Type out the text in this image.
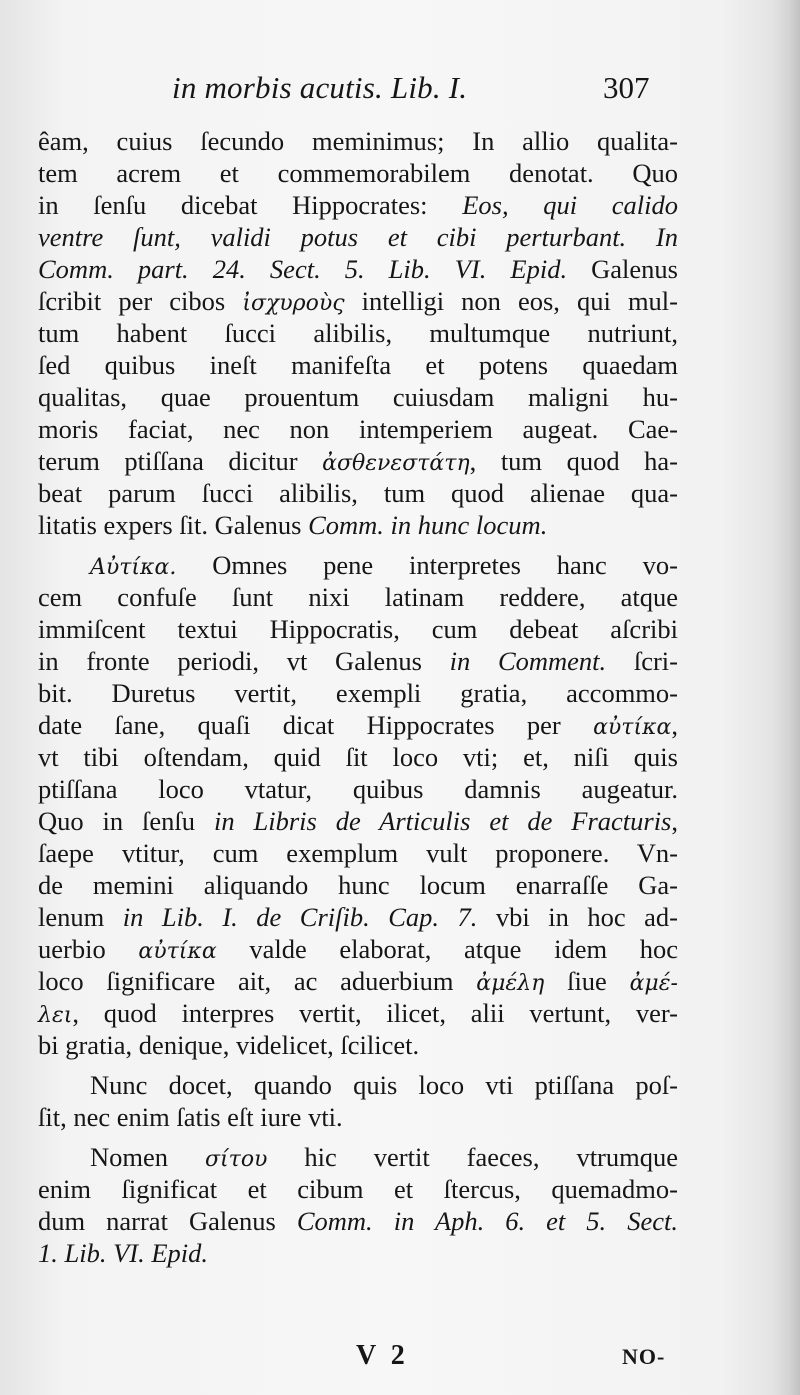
in morbis acutis. Lib. I.	307
êam, cuius ſecundo meminimus; In allio qualita-
tem acrem et commemorabilem denotat. Quo
in ſenſu dicebat Hippocrates: Eos, qui calido
ventre ſunt, validi potus et cibi perturbant. In
Comm. part. 24. Sect. 5. Lib. VI. Epid. Galenus
ſcribit per cibos ἰσχυροὺς intelligi non eos, qui mul-
tum habent ſucci alibilis, multumque nutriunt,
ſed quibus ineſt manifeſta et potens quaedam
qualitas, quae prouentum cuiusdam maligni hu-
moris faciat, nec non intemperiem augeat. Cae-
terum ptiſſana dicitur ἀσθενεστάτη, tum quod ha-
beat parum ſucci alibilis, tum quod alienae qua-
litatis expers ſit. Galenus Comm. in hunc locum.
Αὐτίκα. Omnes pene interpretes hanc vo-
cem confuſe ſunt nixi latinam reddere, atque
immiſcent textui Hippocratis, cum debeat aſcribi
in fronte periodi, vt Galenus in Comment. ſcri-
bit. Duretus vertit, exempli gratia, accommo-
date ſane, quaſi dicat Hippocrates per αὐτίκα,
vt tibi oſtendam, quid ſit loco vti; et, niſi quis
ptiſſana loco vtatur, quibus damnis augeatur.
Quo in ſenſu in Libris de Articulis et de Fracturis,
ſaepe vtitur, cum exemplum vult proponere. Vn-
de memini aliquando hunc locum enarraſſe Ga-
lenum in Lib. I. de Criſib. Cap. 7. vbi in hoc ad-
uerbio αὐτίκα valde elaborat, atque idem hoc
loco ſignificare ait, ac aduerbium ἀμέλη ſiue ἀμέ-
λει, quod interpres vertit, ilicet, alii vertunt, ver-
bi gratia, denique, videlicet, ſcilicet.
Nunc docet, quando quis loco vti ptiſſana poſ-
ſit, nec enim ſatis eſt iure vti.
Nomen σίτου hic vertit faeces, vtrumque
enim ſignificat et cibum et ſtercus, quemadmo-
dum narrat Galenus Comm. in Aph. 6. et 5. Sect.
1. Lib. VI. Epid.
V 2	NO-
